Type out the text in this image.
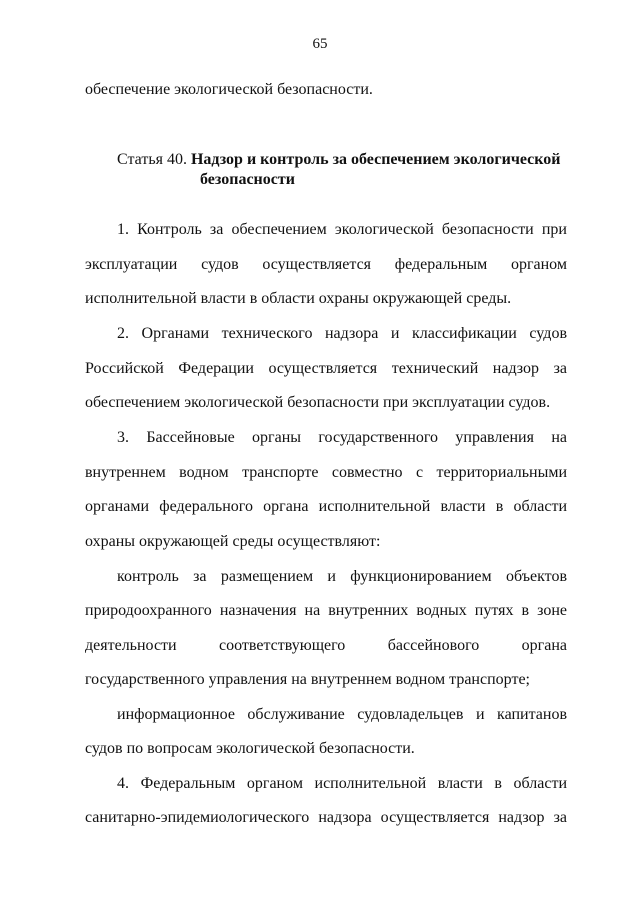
65
обеспечение экологической безопасности.
Статья 40. Надзор и контроль за обеспечением экологической
безопасности
1. Контроль за обеспечением экологической безопасности при
эксплуатации судов осуществляется федеральным органом
исполнительной власти в области охраны окружающей среды.
2. Органами технического надзора и классификации судов
Российской Федерации осуществляется технический надзор за
обеспечением экологической безопасности при эксплуатации судов.
3. Бассейновые органы государственного управления на
внутреннем водном транспорте совместно с территориальными
органами федерального органа исполнительной власти в области
охраны окружающей среды осуществляют:
контроль за размещением и функционированием объектов
природоохранного назначения на внутренних водных путях в зоне
деятельности соответствующего бассейнового органа
государственного управления на внутреннем водном транспорте;
информационное обслуживание судовладельцев и капитанов
судов по вопросам экологической безопасности.
4. Федеральным органом исполнительной власти в области
санитарно-эпидемиологического надзора осуществляется надзор за
